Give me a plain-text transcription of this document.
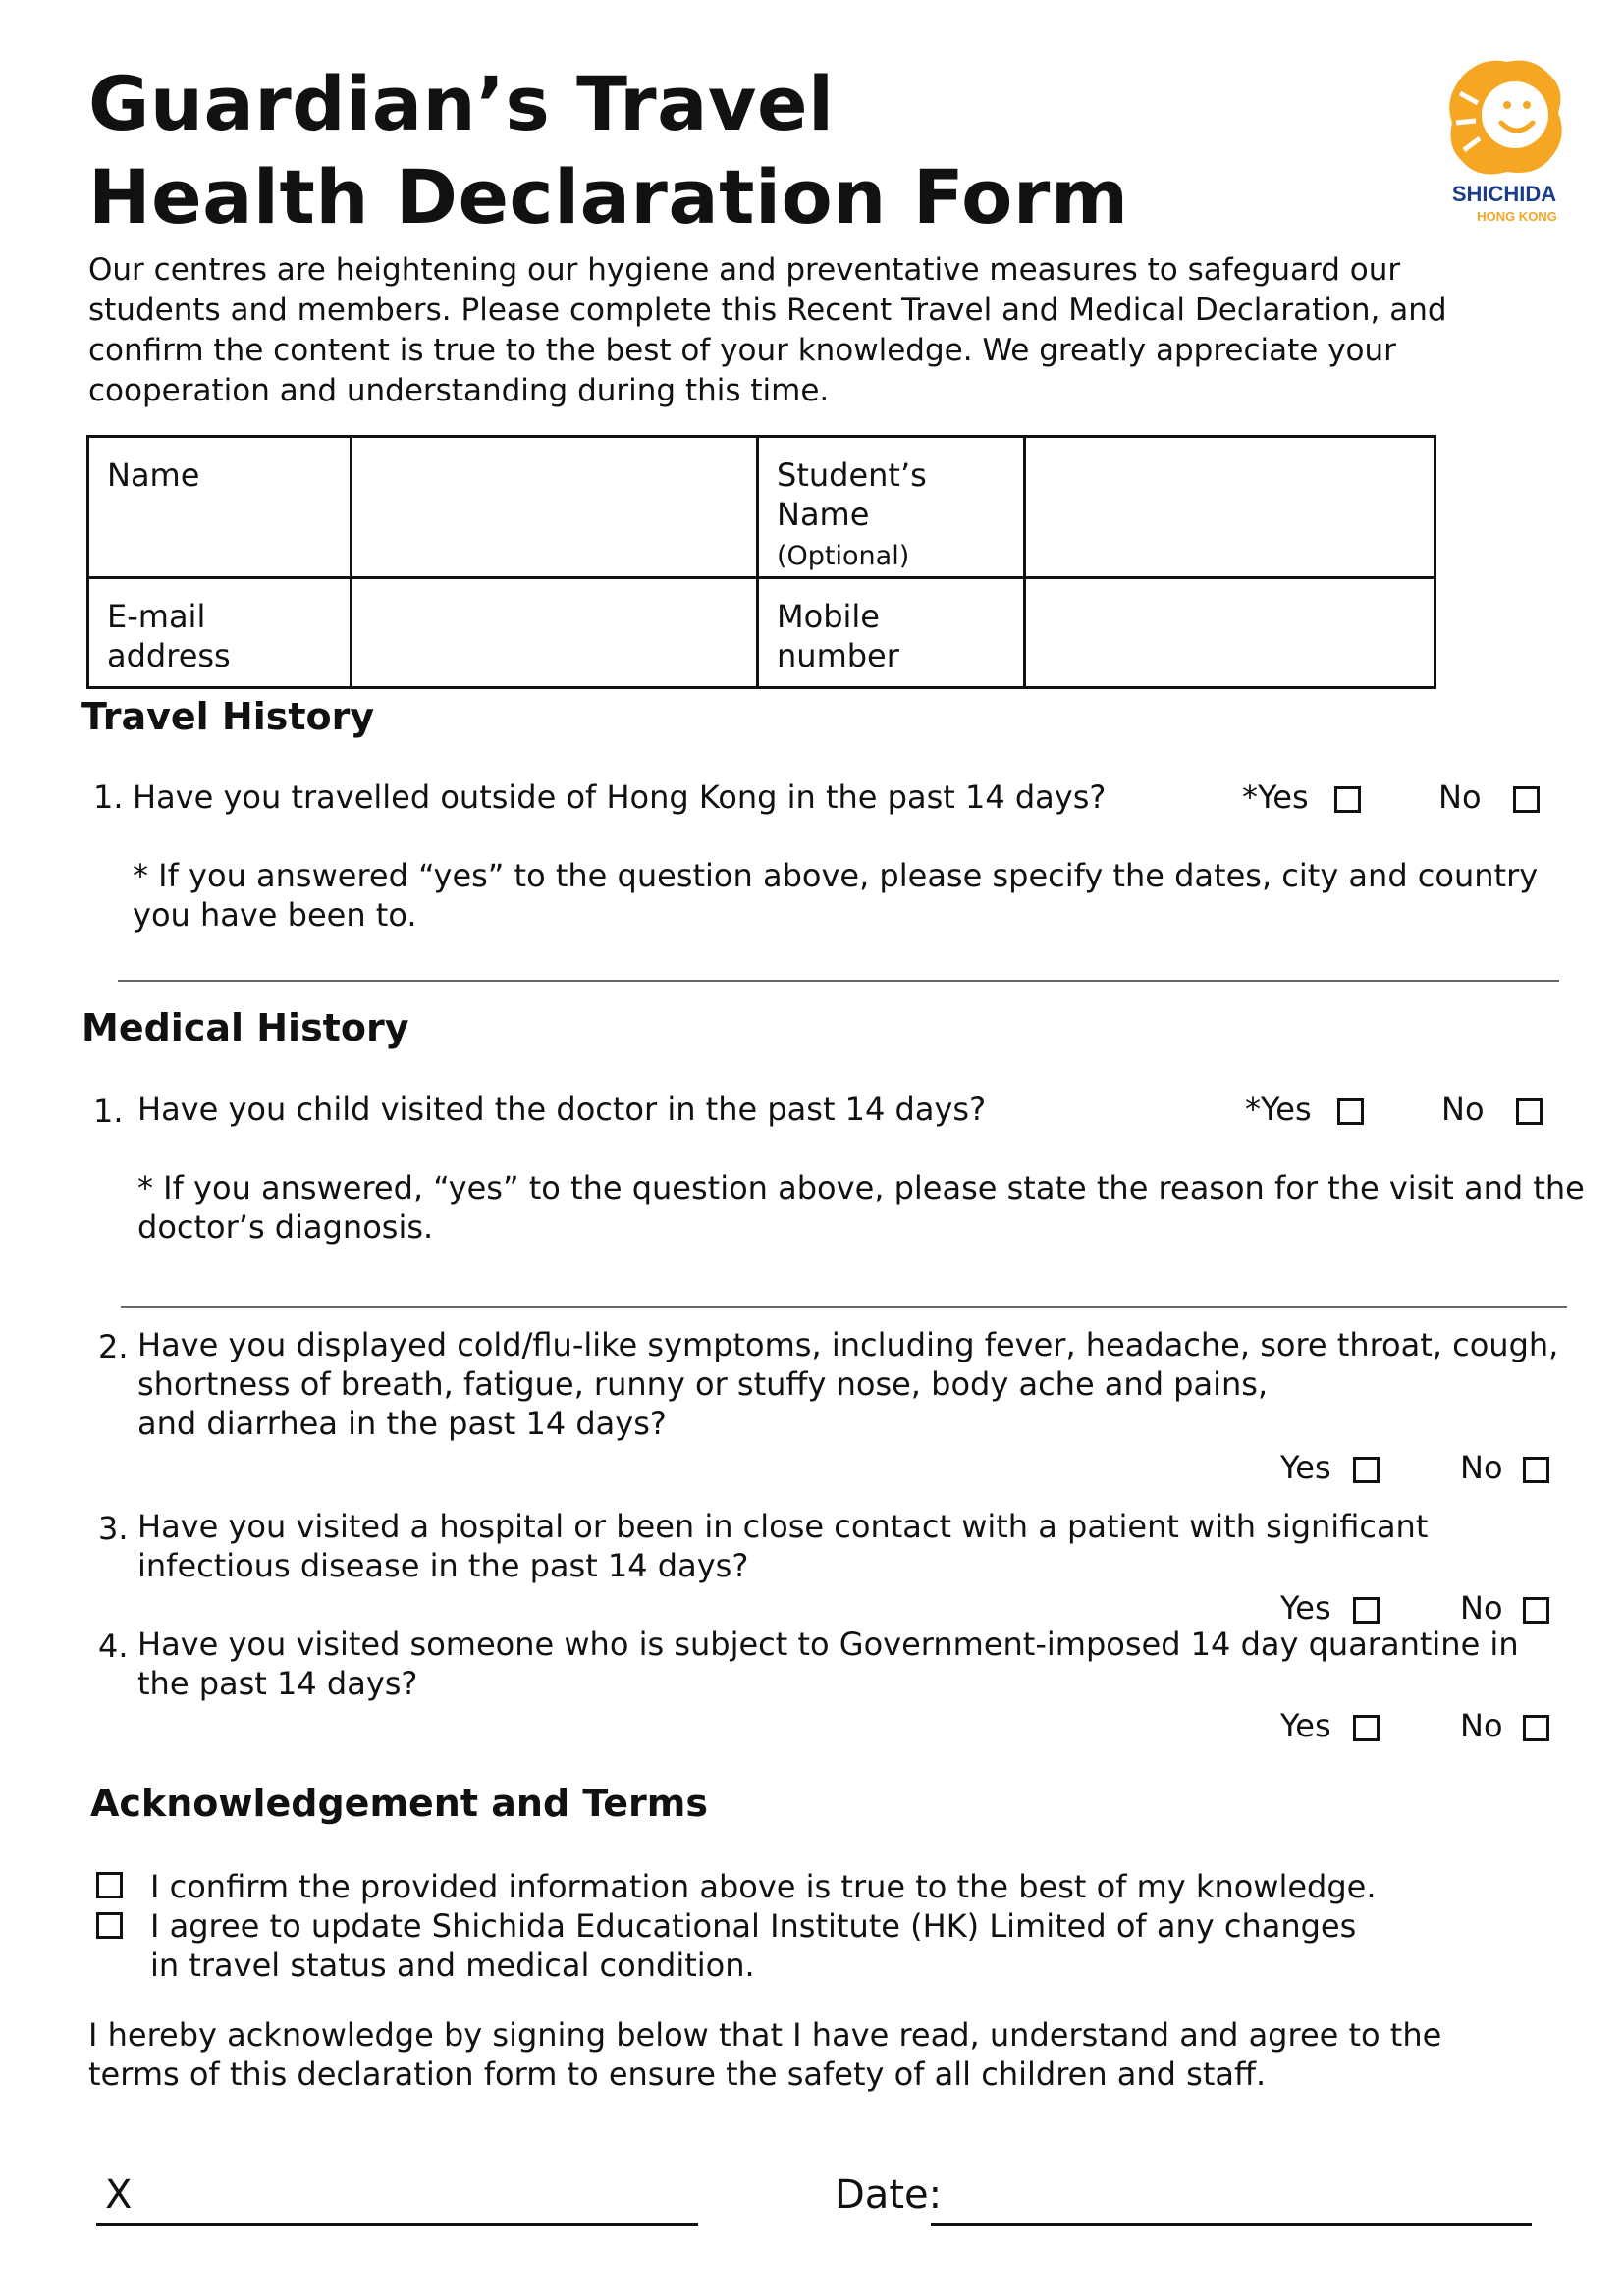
Guardian’s Travel
Health Declaration Form	SHICHIDA
HONG KONG
Our centres are heightening our hygiene and preventative measures to safeguard our students and members. Please complete this Recent Travel and Medical Declaration, and confirm the content is true to the best of your knowledge. We greatly appreciate your cooperation and understanding during this time.
Name		Student’s Name (Optional)	
E-mail address		Mobile number	
Travel History
1. Have you travelled outside of Hong Kong in the past 14 days?	*Yes	No
* If you answered “yes” to the question above, please specify the dates, city and country you have been to.
Medical History
1. Have you child visited the doctor in the past 14 days?	*Yes	No
* If you answered, “yes” to the question above, please state the reason for the visit and the doctor’s diagnosis.
2. Have you displayed cold/flu-like symptoms, including fever, headache, sore throat, cough,
shortness of breath, fatigue, runny or stuffy nose, body ache and pains,
and diarrhea in the past 14 days?
Yes	No
3. Have you visited a hospital or been in close contact with a patient with significant
infectious disease in the past 14 days?
Yes	No
4. Have you visited someone who is subject to Government-imposed 14 day quarantine in
the past 14 days?
Yes	No
Acknowledgement and Terms
I confirm the provided information above is true to the best of my knowledge.
I agree to update Shichida Educational Institute (HK) Limited of any changes
in travel status and medical condition.
I hereby acknowledge by signing below that I have read, understand and agree to the terms of this declaration form to ensure the safety of all children and staff.
X	Date:
